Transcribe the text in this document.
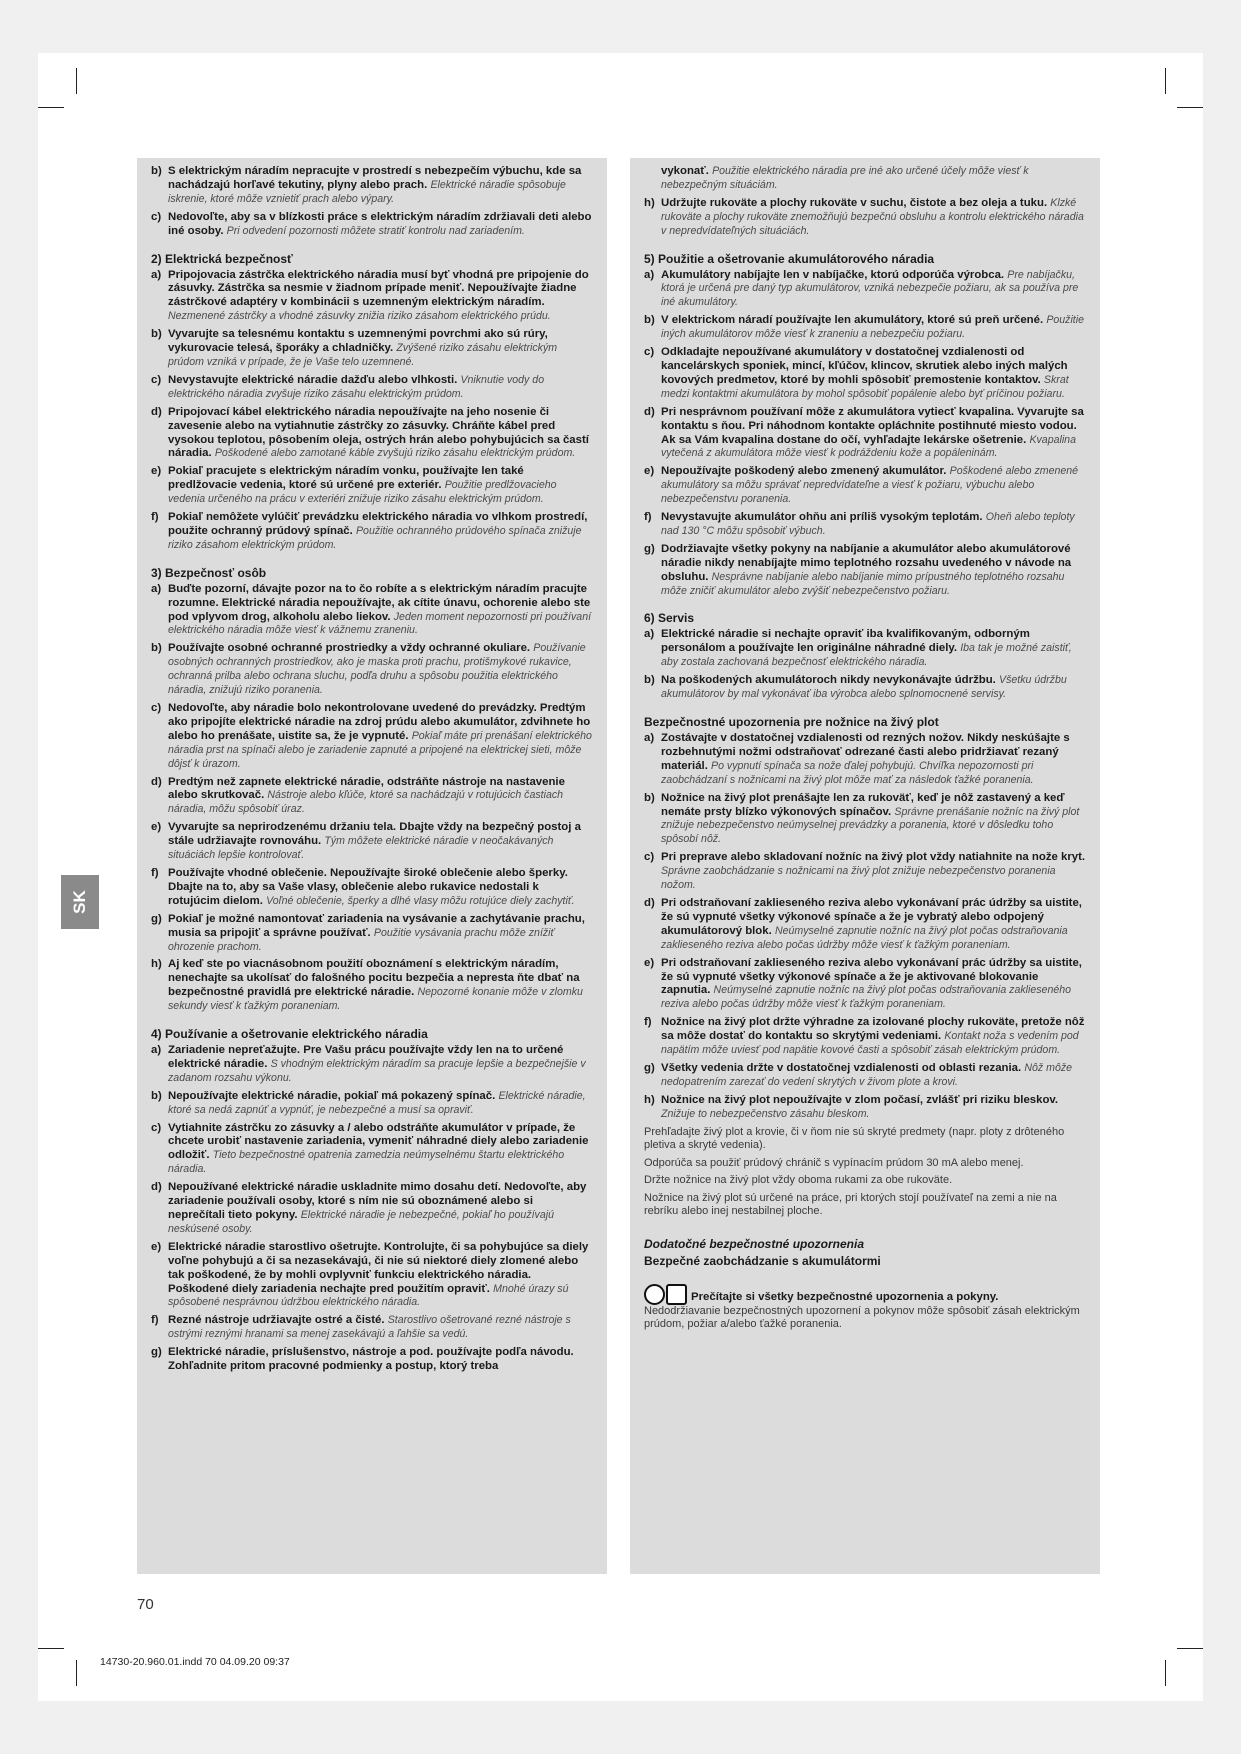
SK
b) S elektrickým náradím nepracujte v prostredí s nebezpečím výbuchu, kde sa nachádzajú horľavé tekutiny, plyny alebo prach. Elektrické náradie spôsobuje iskrenie, ktoré môže vznietiť prach alebo výpary.
c) Nedovoľte, aby sa v blízkosti práce s elektrickým náradím zdržiavali deti alebo iné osoby. Pri odvedení pozornosti môžete stratiť kontrolu nad zariadením.
2) Elektrická bezpečnosť
a) Pripojovacia zástrčka elektrického náradia musí byť vhodná pre pripojenie do zásuvky. Zástrčka sa nesmie v žiadnom prípade meniť. Nepoužívajte žiadne zástrčkové adaptéry v kombinácii s uzemneným elektrickým náradím. Nezmenené zástrčky a vhodné zásuvky znižia riziko zásahom elektrického prúdu.
b) Vyvarujte sa telesnému kontaktu s uzemnenými povrchmi ako sú rúry, vykurovacie telesá, šporáky a chladničky. Zvýšené riziko zásahu elektrickým prúdom vzniká v prípade, že je Vaše telo uzemnené.
c) Nevystavujte elektrické náradie dažďu alebo vlhkosti. Vniknutie vody do elektrického náradia zvyšuje riziko zásahu elektrickým prúdom.
d) Pripojovací kábel elektrického náradia nepoužívajte na jeho nosenie či zavesenie alebo na vytiahnutie zástrčky zo zásuvky. Chráňte kábel pred vysokou teplotou, pôsobením oleja, ostrých hrán alebo pohybujúcich sa častí náradia. Poškodené alebo zamotané káble zvyšujú riziko zásahu elektrickým prúdom.
e) Pokiaľ pracujete s elektrickým náradím vonku, používajte len také predlžovacie vedenia, ktoré sú určené pre exteriér. Použitie predlžovacieho vedenia určeného na prácu v exteriéri znižuje riziko zásahu elektrickým prúdom.
f) Pokiaľ nemôžete vylúčiť prevádzku elektrického náradia vo vlhkom prostredí, použite ochranný prúdový spínač. Použitie ochranného prúdového spínača znižuje riziko zásahom elektrickým prúdom.
3) Bezpečnosť osôb
a) Buďte pozorní, dávajte pozor na to čo robíte a s elektrickým náradím pracujte rozumne. Elektrické náradia nepoužívajte, ak cítite únavu, ochorenie alebo ste pod vplyvom drog, alkoholu alebo liekov. Jeden moment nepozornosti pri používaní elektrického náradia môže viesť k vážnemu zraneniu.
b) Používajte osobné ochranné prostriedky a vždy ochranné okuliare. Používanie osobných ochranných prostriedkov, ako je maska proti prachu, protišmykové rukavice, ochranná prilba alebo ochrana sluchu, podľa druhu a spôsobu použitia elektrického náradia, znižujú riziko poranenia.
c) Nedovoľte, aby náradie bolo nekontrolovane uvedené do prevádzky. Predtým ako pripojíte elektrické náradie na zdroj prúdu alebo akumulátor, zdvihnete ho alebo ho prenášate, uistite sa, že je vypnuté. Pokiaľ máte pri prenášaní elektrického náradia prst na spínači alebo je zariadenie zapnuté a pripojené na elektrickej sieti, môže dôjsť k úrazom.
d) Predtým než zapnete elektrické náradie, odstráňte nástroje na nastavenie alebo skrutkovač. Nástroje alebo kľúče, ktoré sa nachádzajú v rotujúcich častiach náradia, môžu spôsobiť úraz.
e) Vyvarujte sa neprirodzenému držaniu tela. Dbajte vždy na bezpečný postoj a stále udržiavajte rovnováhu. Tým môžete elektrické náradie v neočakávaných situáciách lepšie kontrolovať.
f) Používajte vhodné oblečenie. Nepoužívajte široké oblečenie alebo šperky. Dbajte na to, aby sa Vaše vlasy, oblečenie alebo rukavice nedostali k rotujúcim dielom. Voľné oblečenie, šperky a dlhé vlasy môžu rotujúce diely zachytiť.
g) Pokiaľ je možné namontovať zariadenia na vysávanie a zachytávanie prachu, musia sa pripojiť a správne používať. Použitie vysávania prachu môže znížiť ohrozenie prachom.
h) Aj keď ste po viacnásobnom použití oboznámení s elektrickým náradím, nenechajte sa ukolísať do falošného pocitu bezpečia a nepresta ňte dbať na bezpečnostné pravidlá pre elektrické náradie. Nepozorné konanie môže v zlomku sekundy viesť k ťažkým poraneniam.
4) Používanie a ošetrovanie elektrického náradia
a) Zariadenie nepreťažujte. Pre Vašu prácu používajte vždy len na to určené elektrické náradie. S vhodným elektrickým náradím sa pracuje lepšie a bezpečnejšie v zadanom rozsahu výkonu.
b) Nepoužívajte elektrické náradie, pokiaľ má pokazený spínač. Elektrické náradie, ktoré sa nedá zapnúť a vypnúť, je nebezpečné a musí sa opraviť.
c) Vytiahnite zástrčku zo zásuvky a / alebo odstráňte akumulátor v prípade, že chcete urobiť nastavenie zariadenia, vymeniť náhradné diely alebo zariadenie odložiť. Tieto bezpečnostné opatrenia zamedzia neúmyselnému štartu elektrického náradia.
d) Nepoužívané elektrické náradie uskladnite mimo dosahu detí. Nedovoľte, aby zariadenie používali osoby, ktoré s ním nie sú oboznámené alebo si neprečítali tieto pokyny. Elektrické náradie je nebezpečné, pokiaľ ho používajú neskúsené osoby.
e) Elektrické náradie starostlivo ošetrujte. Kontrolujte, či sa pohybujúce sa diely voľne pohybujú a či sa nezasekávajú, či nie sú niektoré diely zlomené alebo tak poškodené, že by mohli ovplyvniť funkciu elektrického náradia. Poškodené diely zariadenia nechajte pred použitím opraviť. Mnohé úrazy sú spôsobené nesprávnou údržbou elektrického náradia.
f) Rezné nástroje udržiavajte ostré a čisté. Starostlivo ošetrované rezné nástroje s ostrými reznými hranami sa menej zasekávajú a ľahšie sa vedú.
g) Elektrické náradie, príslušenstvo, nástroje a pod. používajte podľa návodu. Zohľadnite pritom pracovné podmienky a postup, ktorý treba
vykonať. Použitie elektrického náradia pre iné ako určené účely môže viesť k nebezpečným situáciám.
h) Udržujte rukoväte a plochy rukoväte v suchu, čistote a bez oleja a tuku. Klzké rukoväte a plochy rukoväte znemožňujú bezpečnú obsluhu a kontrolu elektrického náradia v nepredvídateľných situáciách.
5) Použitie a ošetrovanie akumulátorového náradia
a) Akumulátory nabíjajte len v nabíjačke, ktorú odporúča výrobca. Pre nabíjačku, ktorá je určená pre daný typ akumulátorov, vzniká nebezpečie požiaru, ak sa používa pre iné akumulátory.
b) V elektrickom náradí používajte len akumulátory, ktoré sú preň určené. Použitie iných akumulátorov môže viesť k zraneniu a nebezpečiu požiaru.
c) Odkladajte nepoužívané akumulátory v dostatočnej vzdialenosti od kancelárskych sponiek, mincí, kľúčov, klincov, skrutiek alebo iných malých kovových predmetov, ktoré by mohli spôsobiť premostenie kontaktov. Skrat medzi kontaktmi akumulátora by mohol spôsobiť popálenie alebo byť príčinou požiaru.
d) Pri nesprávnom používaní môže z akumulátora vytiecť kvapalina. Vyvarujte sa kontaktu s ňou. Pri náhodnom kontakte opláchnite postihnuté miesto vodou. Ak sa Vám kvapalina dostane do očí, vyhľadajte lekárske ošetrenie. Kvapalina vytečená z akumulátora môže viesť k podráždeniu kože a popáleninám.
e) Nepoužívajte poškodený alebo zmenený akumulátor. Poškodené alebo zmenené akumulátory sa môžu správať nepredvídateľne a viesť k požiaru, výbuchu alebo nebezpečenstvu poranenia.
f) Nevystavujte akumulátor ohňu ani príliš vysokým teplotám. Oheň alebo teploty nad 130 °C môžu spôsobiť výbuch.
g) Dodržiavajte všetky pokyny na nabíjanie a akumulátor alebo akumulátorové náradie nikdy nenabíjajte mimo teplotného rozsahu uvedeného v návode na obsluhu. Nesprávne nabíjanie alebo nabíjanie mimo prípustného teplotného rozsahu môže zničiť akumulátor alebo zvýšiť nebezpečenstvo požiaru.
6) Servis
a) Elektrické náradie si nechajte opraviť iba kvalifikovaným, odborným personálom a používajte len originálne náhradné diely. Iba tak je možné zaistiť, aby zostala zachovaná bezpečnosť elektrického náradia.
b) Na poškodených akumulátoroch nikdy nevykonávajte údržbu. Všetku údržbu akumulátorov by mal vykonávať iba výrobca alebo splnomocnené servisy.
Bezpečnostné upozornenia pre nožnice na živý plot
a) Zostávajte v dostatočnej vzdialenosti od rezných nožov. Nikdy neskúšajte s rozbehnutými nožmi odstraňovať odrezané časti alebo pridržiavať rezaný materiál. Po vypnutí spínača sa nože ďalej pohybujú. Chvíľka nepozornosti pri zaobchádzaní s nožnicami na živý plot môže mať za následok ťažké poranenia.
b) Nožnice na živý plot prenášajte len za rukoväť, keď je nôž zastavený a keď nemáte prsty blízko výkonových spínačov. Správne prenášanie nožníc na živý plot znižuje nebezpečenstvo neúmyselnej prevádzky a poranenia, ktoré v dôsledku toho spôsobí nôž.
c) Pri preprave alebo skladovaní nožníc na živý plot vždy natiahnite na nože kryt. Správne zaobchádzanie s nožnicami na živý plot znižuje nebezpečenstvo poranenia nožom.
d) Pri odstraňovaní zaklieseného reziva alebo vykonávaní prác údržby sa uistite, že sú vypnuté všetky výkonové spínače a že je vybratý alebo odpojený akumulátorový blok. Neúmyselné zapnutie nožníc na živý plot počas odstraňovania zaklieseného reziva alebo počas údržby môže viesť k ťažkým poraneniam.
e) Pri odstraňovaní zaklieseného reziva alebo vykonávaní prác údržby sa uistite, že sú vypnuté všetky výkonové spínače a že je aktivované blokovanie zapnutia. Neúmyselné zapnutie nožníc na živý plot počas odstraňovania zaklieseného reziva alebo počas údržby môže viesť k ťažkým poraneniam.
f) Nožnice na živý plot držte výhradne za izolované plochy rukoväte, pretože nôž sa môže dostať do kontaktu so skrytými vedeniami. Kontakt noža s vedením pod napätím môže uviesť pod napätie kovové časti a spôsobiť zásah elektrickým prúdom.
g) Všetky vedenia držte v dostatočnej vzdialenosti od oblasti rezania. Nôž môže nedopatrením zarezať do vedení skrytých v živom plote a krovi.
h) Nožnice na živý plot nepoužívajte v zlom počasí, zvlášť pri riziku bleskov. Znižuje to nebezpečenstvo zásahu bleskom.
Prehľadajte živý plot a krovie, či v ňom nie sú skryté predmety (napr. ploty z drôteného pletiva a skryté vedenia).
Odporúča sa použiť prúdový chránič s vypínacím prúdom 30 mA alebo menej.
Držte nožnice na živý plot vždy oboma rukami za obe rukoväte.
Nožnice na živý plot sú určené na práce, pri ktorých stojí používateľ na zemi a nie na rebríku alebo inej nestabilnej ploche.
Dodatočné bezpečnostné upozornenia
Bezpečné zaobchádzanie s akumulátormi
Prečítajte si všetky bezpečnostné upozornenia a pokyny.
Nedodržiavanie bezpečnostných upozornení a pokynov môže spôsobiť zásah elektrickým prúdom, požiar a/alebo ťažké poranenia.
70
14730-20.960.01.indd 70 04.09.20 09:37
